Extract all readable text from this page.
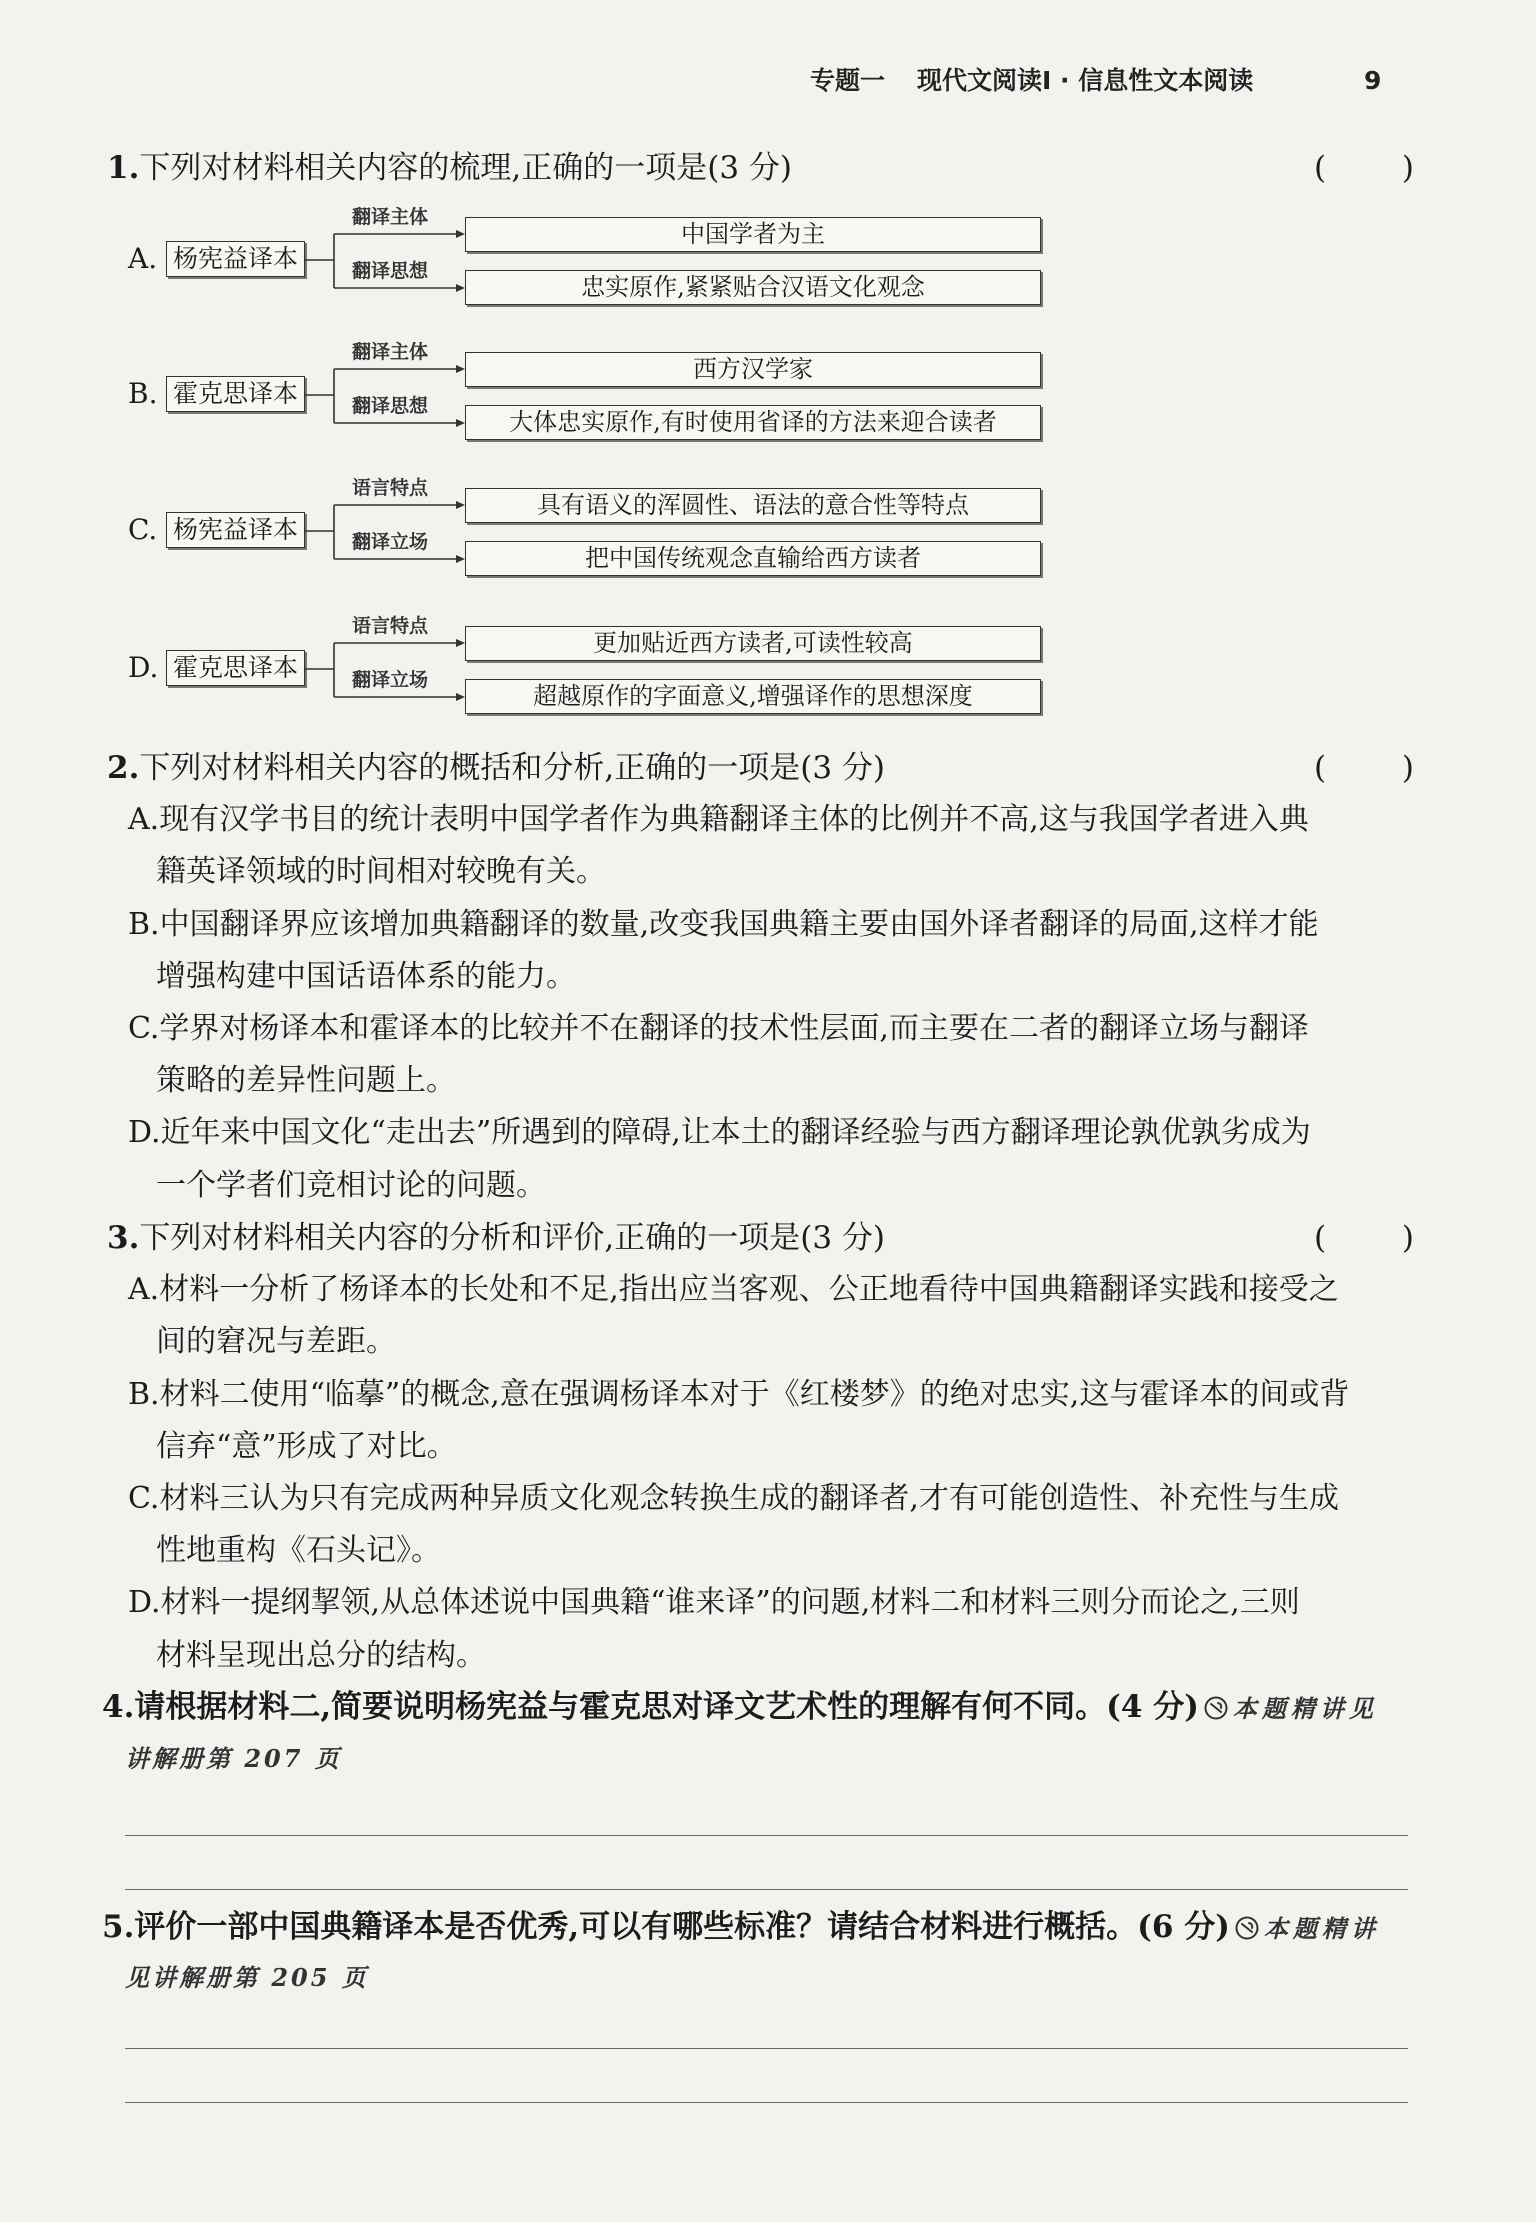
专题一 现代文阅读Ⅰ · 信息性文本阅读	9
1.下列对材料相关内容的梳理,正确的一项是(3 分)	( )
A. 杨宪益译本
翻译主体
中国学者为主
翻译思想
忠实原作,紧紧贴合汉语文化观念
B. 霍克思译本
翻译主体
西方汉学家
翻译思想
大体忠实原作,有时使用省译的方法来迎合读者
C. 杨宪益译本
语言特点
具有语义的浑圆性、语法的意合性等特点
翻译立场
把中国传统观念直输给西方读者
D. 霍克思译本
语言特点
更加贴近西方读者,可读性较高
翻译立场
超越原作的字面意义,增强译作的思想深度
2.下列对材料相关内容的概括和分析,正确的一项是(3 分)
A.现有汉学书目的统计表明中国学者作为典籍翻译主体的比例并不高,这与我国学者进入典
籍英译领域的时间相对较晚有关。
B.中国翻译界应该增加典籍翻译的数量,改变我国典籍主要由国外译者翻译的局面,这样才能
增强构建中国话语体系的能力。
C.学界对杨译本和霍译本的比较并不在翻译的技术性层面,而主要在二者的翻译立场与翻译
策略的差异性问题上。
D.近年来中国文化“走出去”所遇到的障碍,让本土的翻译经验与西方翻译理论孰优孰劣成为
一个学者们竞相讨论的问题。
( )
3.下列对材料相关内容的分析和评价,正确的一项是(3 分)
A.材料一分析了杨译本的长处和不足,指出应当客观、公正地看待中国典籍翻译实践和接受之
间的窘况与差距。
B.材料二使用“临摹”的概念,意在强调杨译本对于《红楼梦》的绝对忠实,这与霍译本的间或背
信弃“意”形成了对比。
C.材料三认为只有完成两种异质文化观念转换生成的翻译者,才有可能创造性、补充性与生成
性地重构《石头记》。
D.材料一提纲挈领,从总体述说中国典籍“谁来译”的问题,材料二和材料三则分而论之,三则
材料呈现出总分的结构。
( )
4.请根据材料二,简要说明杨宪益与霍克思对译文艺术性的理解有何不同。(4 分) 本题精讲见
讲解册第 207 页
5.评价一部中国典籍译本是否优秀,可以有哪些标准？请结合材料进行概括。(6 分) 本题精讲
见讲解册第 205 页
